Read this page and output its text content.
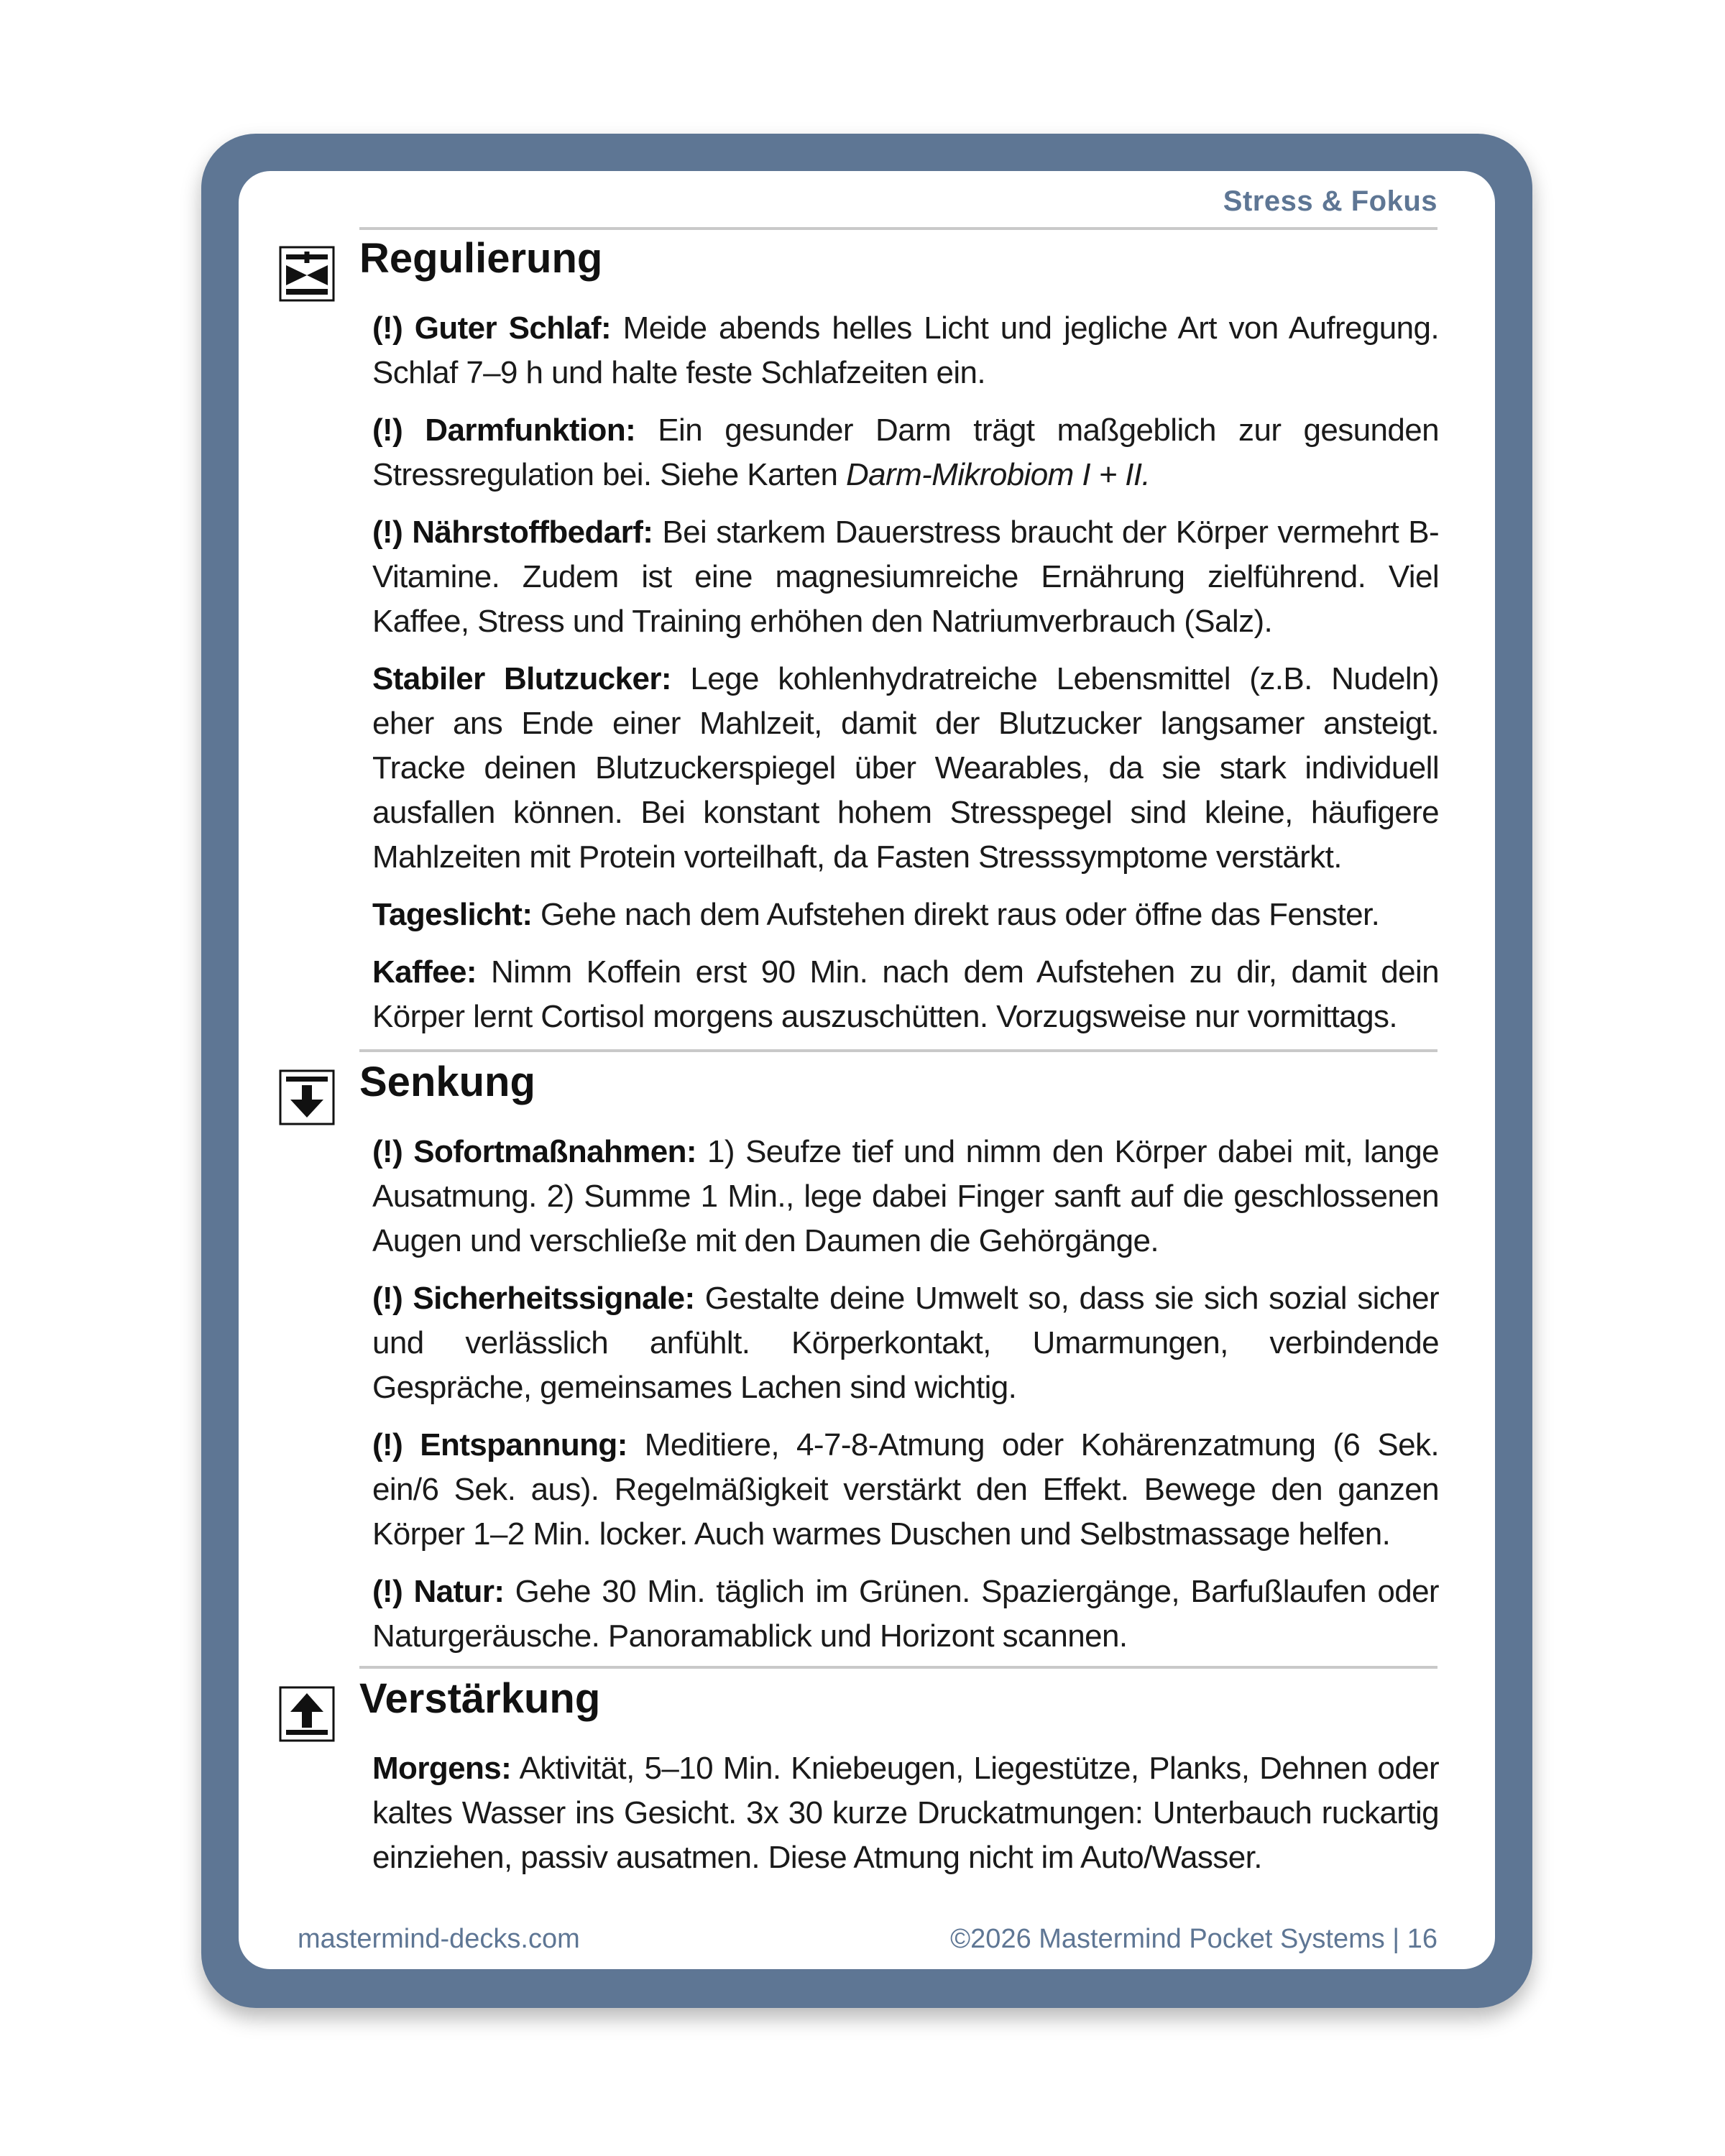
Stress & Fokus
Regulierung

(!) Guter Schlaf: Meide abends helles Licht und jegliche Art von Aufregung. Schlaf 7–9 h und halte feste Schlafzeiten ein.

(!) Darmfunktion: Ein gesunder Darm trägt maßgeblich zur gesunden Stressregulation bei. Siehe Karten Darm-Mikrobiom I + II.

(!) Nährstoffbedarf: Bei starkem Dauerstress braucht der Körper vermehrt B-Vitamine. Zudem ist eine magnesiumreiche Ernährung zielführend. Viel Kaffee, Stress und Training erhöhen den Natriumverbrauch (Salz).

Stabiler Blutzucker: Lege kohlenhydratreiche Lebensmittel (z.B. Nudeln) eher ans Ende einer Mahlzeit, damit der Blutzucker langsamer ansteigt. Tracke deinen Blutzuckerspiegel über Wearables, da sie stark individuell ausfallen können. Bei konstant hohem Stresspegel sind kleine, häufigere Mahlzeiten mit Protein vorteilhaft, da Fasten Stresssymptome verstärkt.

Tageslicht: Gehe nach dem Aufstehen direkt raus oder öffne das Fenster.

Kaffee: Nimm Koffein erst 90 Min. nach dem Aufstehen zu dir, damit dein Körper lernt Cortisol morgens auszuschütten. Vorzugsweise nur vormittags.

Senkung

(!) Sofortmaßnahmen: 1) Seufze tief und nimm den Körper dabei mit, lange Ausatmung. 2) Summe 1 Min., lege dabei Finger sanft auf die geschlossenen Augen und verschließe mit den Daumen die Gehörgänge.

(!) Sicherheitssignale: Gestalte deine Umwelt so, dass sie sich sozial sicher und verlässlich anfühlt. Körperkontakt, Umarmungen, verbindende Gespräche, gemeinsames Lachen sind wichtig.

(!) Entspannung: Meditiere, 4-7-8-Atmung oder Kohärenzatmung (6 Sek. ein/6 Sek. aus). Regelmäßigkeit verstärkt den Effekt. Bewege den ganzen Körper 1–2 Min. locker. Auch warmes Duschen und Selbstmassage helfen.

(!) Natur: Gehe 30 Min. täglich im Grünen. Spaziergänge, Barfußlaufen oder Naturgeräusche. Panoramablick und Horizont scannen.

Verstärkung

Morgens: Aktivität, 5–10 Min. Kniebeugen, Liegestütze, Planks, Dehnen oder kaltes Wasser ins Gesicht. 3x 30 kurze Druckatmungen: Unterbauch ruckartig einziehen, passiv ausatmen. Diese Atmung nicht im Auto/Wasser.

mastermind-decks.com	©2026 Mastermind Pocket Systems | 16
